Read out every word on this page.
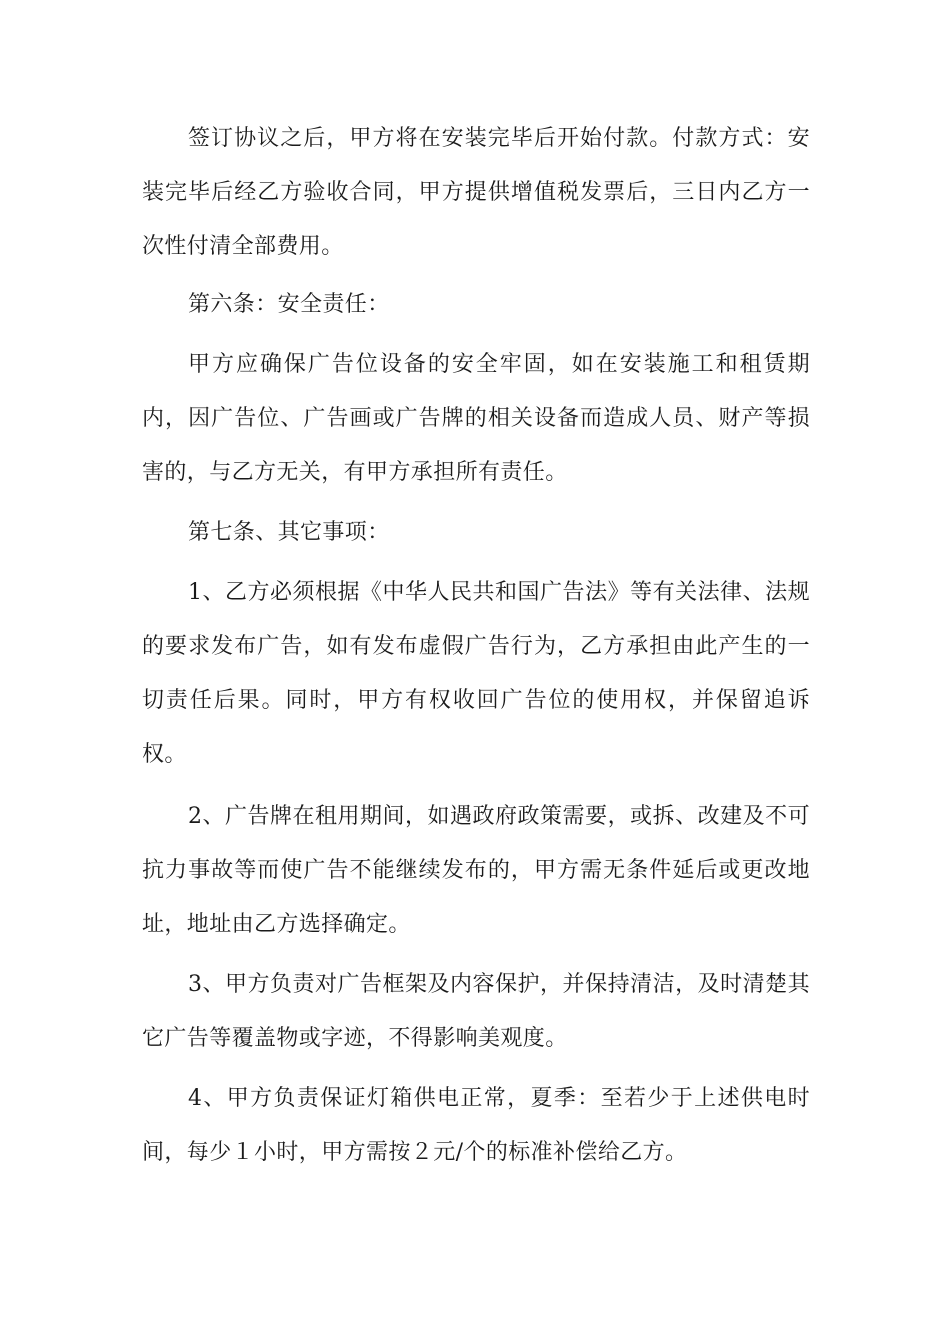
签订协议之后，甲方将在安装完毕后开始付款。付款方式：安装完毕后经乙方验收合同，甲方提供增值税发票后，三日内乙方一次性付清全部费用。

第六条：安全责任：

甲方应确保广告位设备的安全牢固，如在安装施工和租赁期内，因广告位、广告画或广告牌的相关设备而造成人员、财产等损害的，与乙方无关，有甲方承担所有责任。

第七条、其它事项：

1、乙方必须根据《中华人民共和国广告法》等有关法律、法规的要求发布广告，如有发布虚假广告行为，乙方承担由此产生的一切责任后果。同时，甲方有权收回广告位的使用权，并保留追诉权。

2、广告牌在租用期间，如遇政府政策需要，或拆、改建及不可抗力事故等而使广告不能继续发布的，甲方需无条件延后或更改地址，地址由乙方选择确定。

3、甲方负责对广告框架及内容保护，并保持清洁，及时清楚其它广告等覆盖物或字迹，不得影响美观度。

4、甲方负责保证灯箱供电正常，夏季：至若少于上述供电时间，每少１小时，甲方需按２元/个的标准补偿给乙方。
